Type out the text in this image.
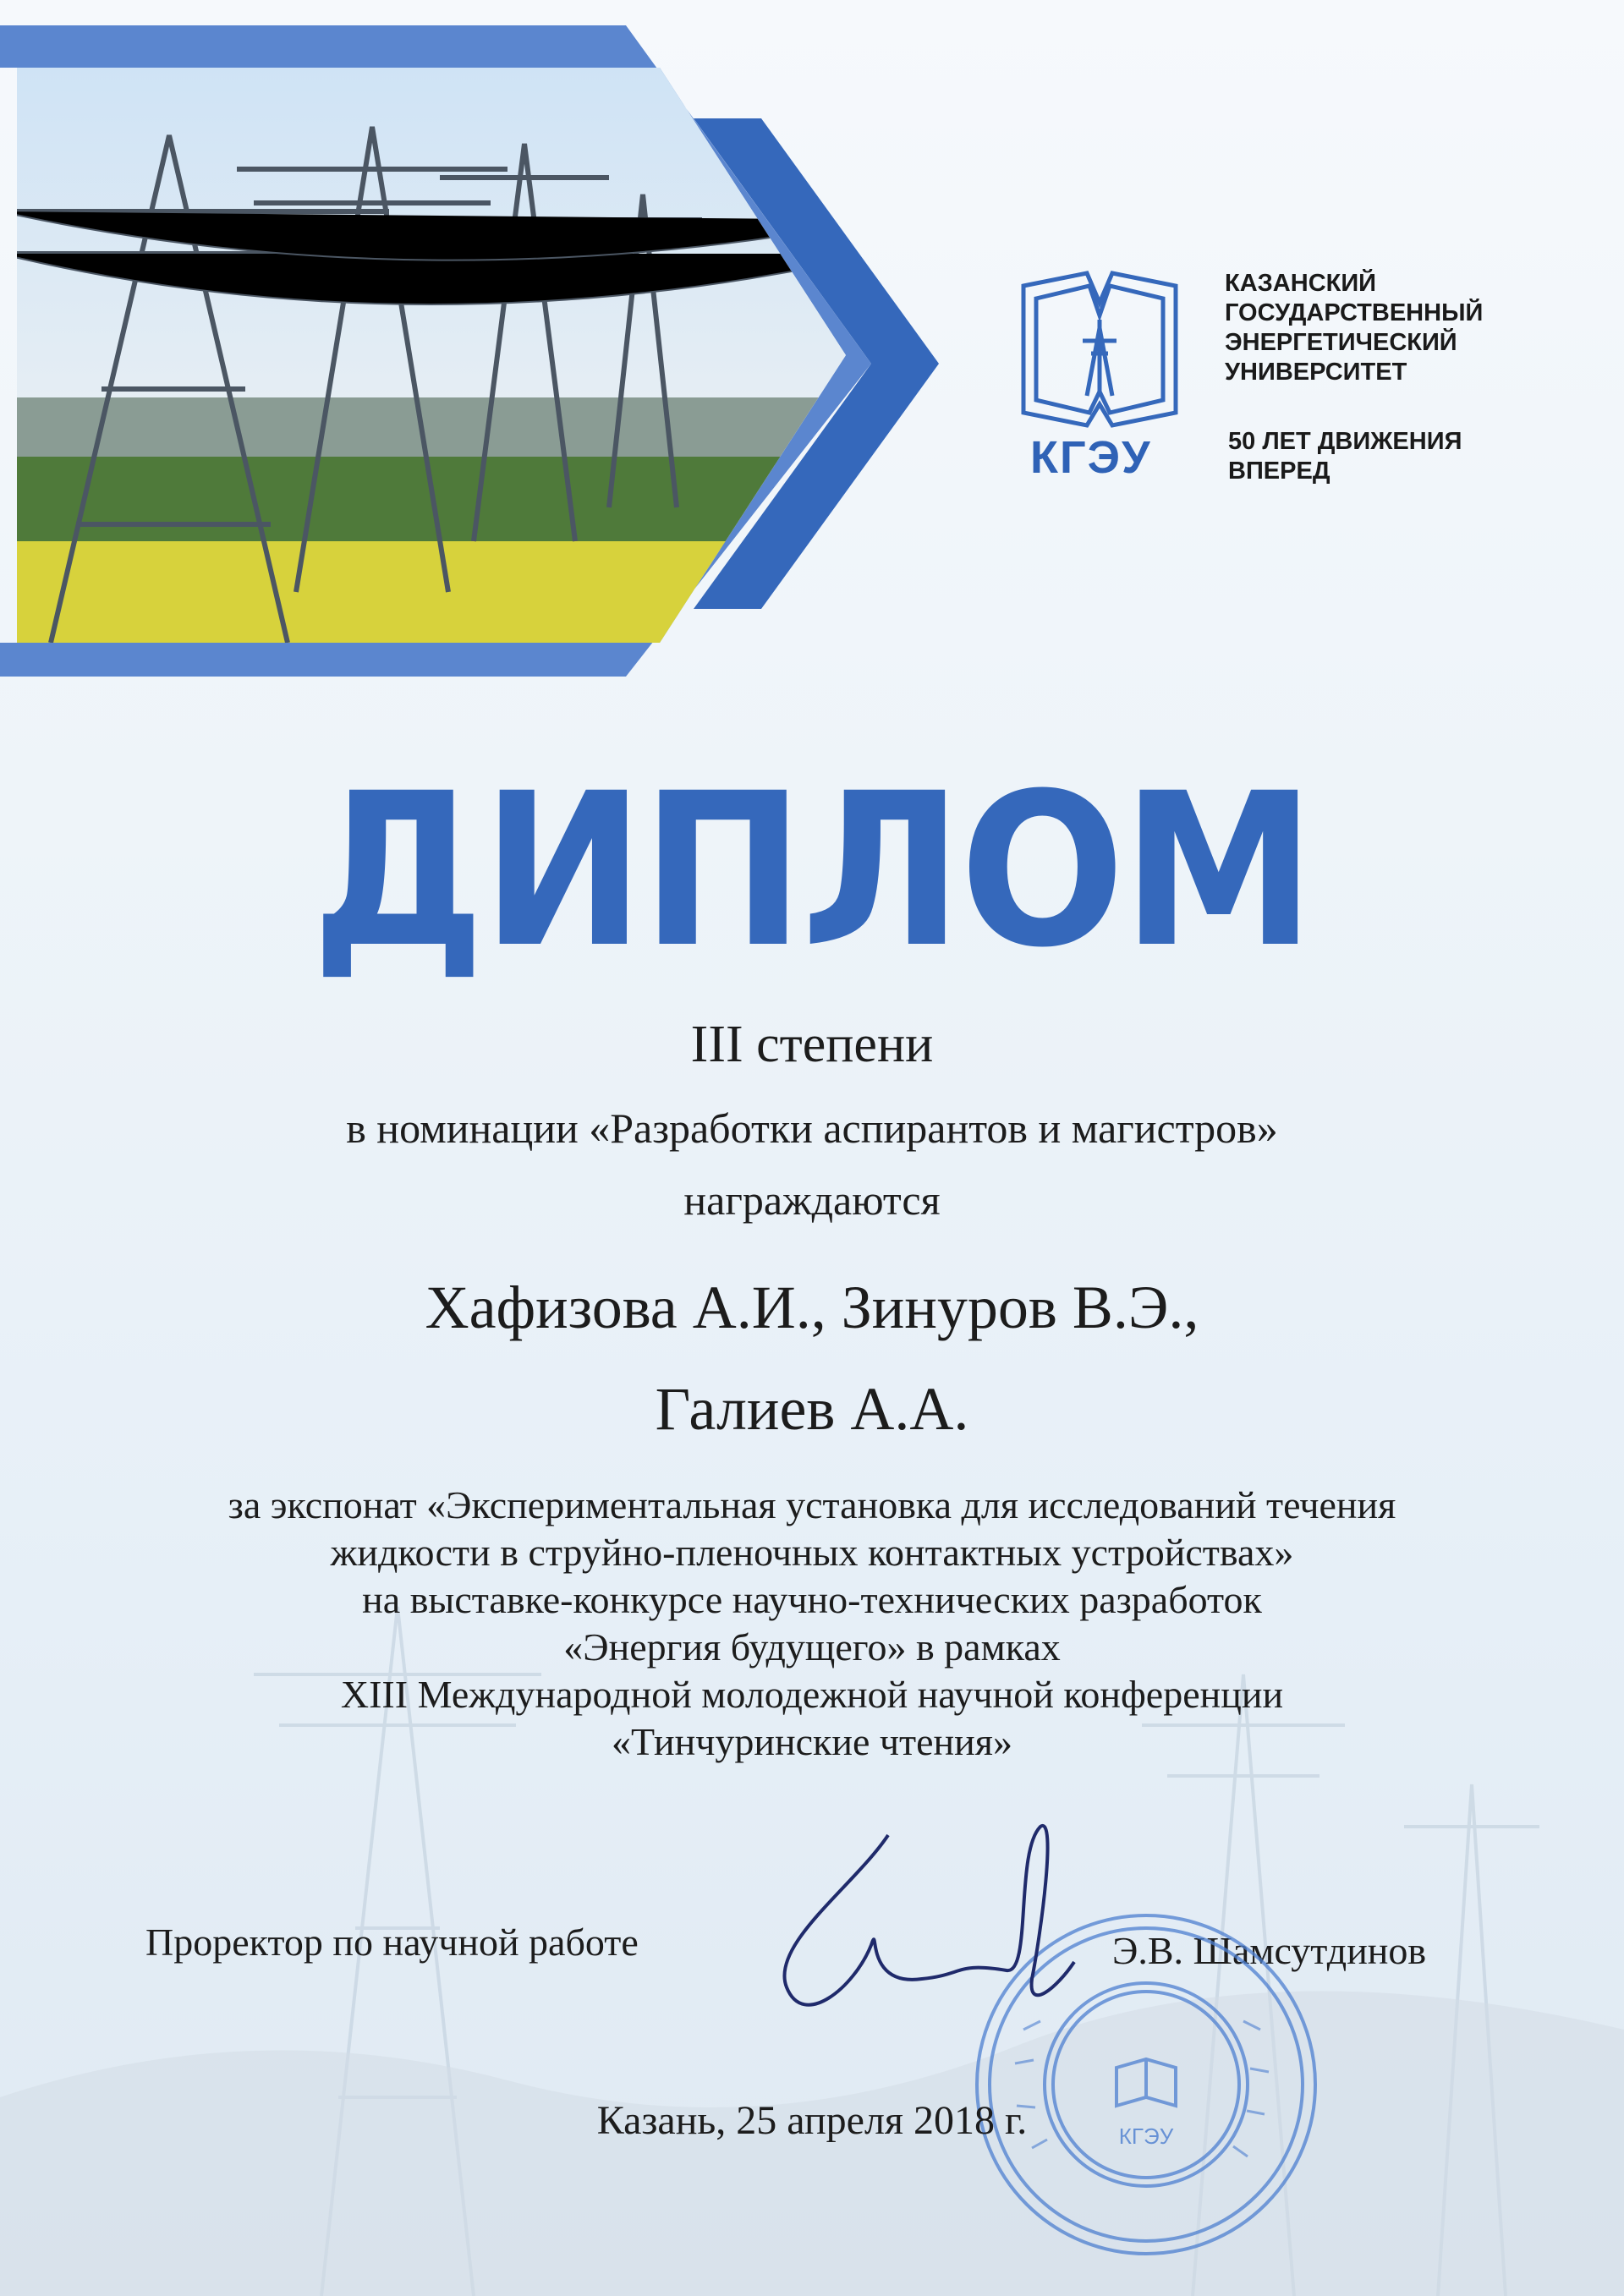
КГЭУ
КАЗАНСКИЙ
ГОСУДАРСТВЕННЫЙ
ЭНЕРГЕТИЧЕСКИЙ
УНИВЕРСИТЕТ
50 ЛЕТ ДВИЖЕНИЯ
ВПЕРЕД
ДИПЛОМ
III степени
в номинации «Разработки аспирантов и магистров»
награждаются
Хафизова А.И., Зинуров В.Э.,
Галиев А.А.
за экспонат «Экспериментальная установка для исследований течения
жидкости в струйно-пленочных контактных устройствах»
на выставке-конкурсе научно-технических разработок
«Энергия будущего» в рамках
XIII Международной молодежной научной конференции
«Тинчуринские чтения»
Проректор по научной работе	Э.В. Шамсутдинов
КГЭУ
Казань, 25 апреля 2018 г.
